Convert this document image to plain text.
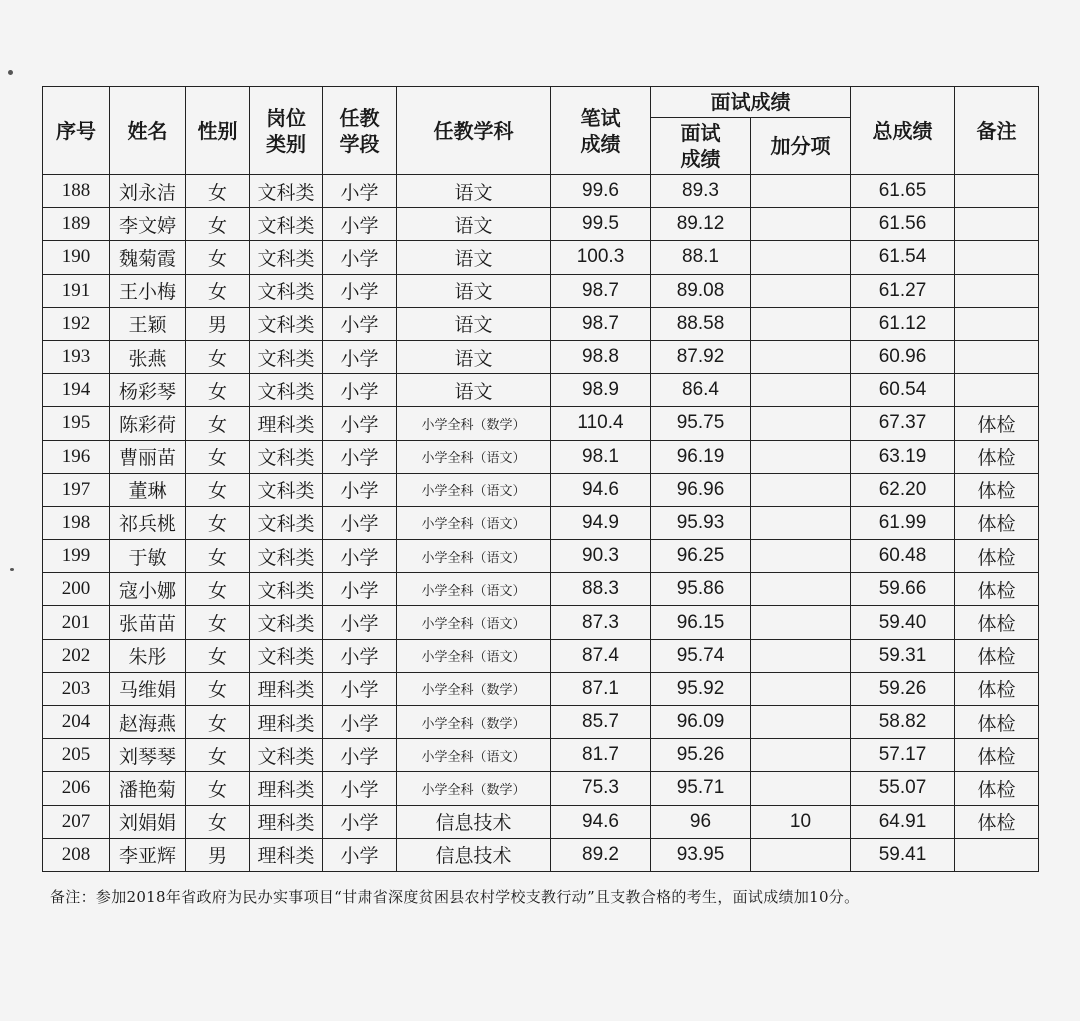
序号	姓名	性别	岗位类别	任教学段	任教学科	笔试成绩	面试成绩		总成绩	备注

							面试成绩	加分项		
188	刘永洁	女	文科类	小学	语文	99.6	89.3		61.65	
189	李文婷	女	文科类	小学	语文	99.5	89.12		61.56	
190	魏菊霞	女	文科类	小学	语文	100.3	88.1		61.54	
191	王小梅	女	文科类	小学	语文	98.7	89.08		61.27	
192	王颖	男	文科类	小学	语文	98.7	88.58		61.12	
193	张燕	女	文科类	小学	语文	98.8	87.92		60.96	
194	杨彩琴	女	文科类	小学	语文	98.9	86.4		60.54	
195	陈彩荷	女	理科类	小学	小学全科（数学）	110.4	95.75		67.37	体检
196	曹丽苗	女	文科类	小学	小学全科（语文）	98.1	96.19		63.19	体检
197	董琳	女	文科类	小学	小学全科（语文）	94.6	96.96		62.20	体检
198	祁兵桃	女	文科类	小学	小学全科（语文）	94.9	95.93		61.99	体检
199	于敏	女	文科类	小学	小学全科（语文）	90.3	96.25		60.48	体检
200	寇小娜	女	文科类	小学	小学全科（语文）	88.3	95.86		59.66	体检
201	张苗苗	女	文科类	小学	小学全科（语文）	87.3	96.15		59.40	体检
202	朱彤	女	文科类	小学	小学全科（语文）	87.4	95.74		59.31	体检
203	马维娟	女	理科类	小学	小学全科（数学）	87.1	95.92		59.26	体检
204	赵海燕	女	理科类	小学	小学全科（数学）	85.7	96.09		58.82	体检
205	刘琴琴	女	文科类	小学	小学全科（语文）	81.7	95.26		57.17	体检
206	潘艳菊	女	理科类	小学	小学全科（数学）	75.3	95.71		55.07	体检
207	刘娟娟	女	理科类	小学	信息技术	94.6	96	10	64.91	体检
208	李亚辉	男	理科类	小学	信息技术	89.2	93.95		59.41	
备注：参加2018年省政府为民办实事项目“甘肃省深度贫困县农村学校支教行动”且支教合格的考生，面试成绩加10分。
